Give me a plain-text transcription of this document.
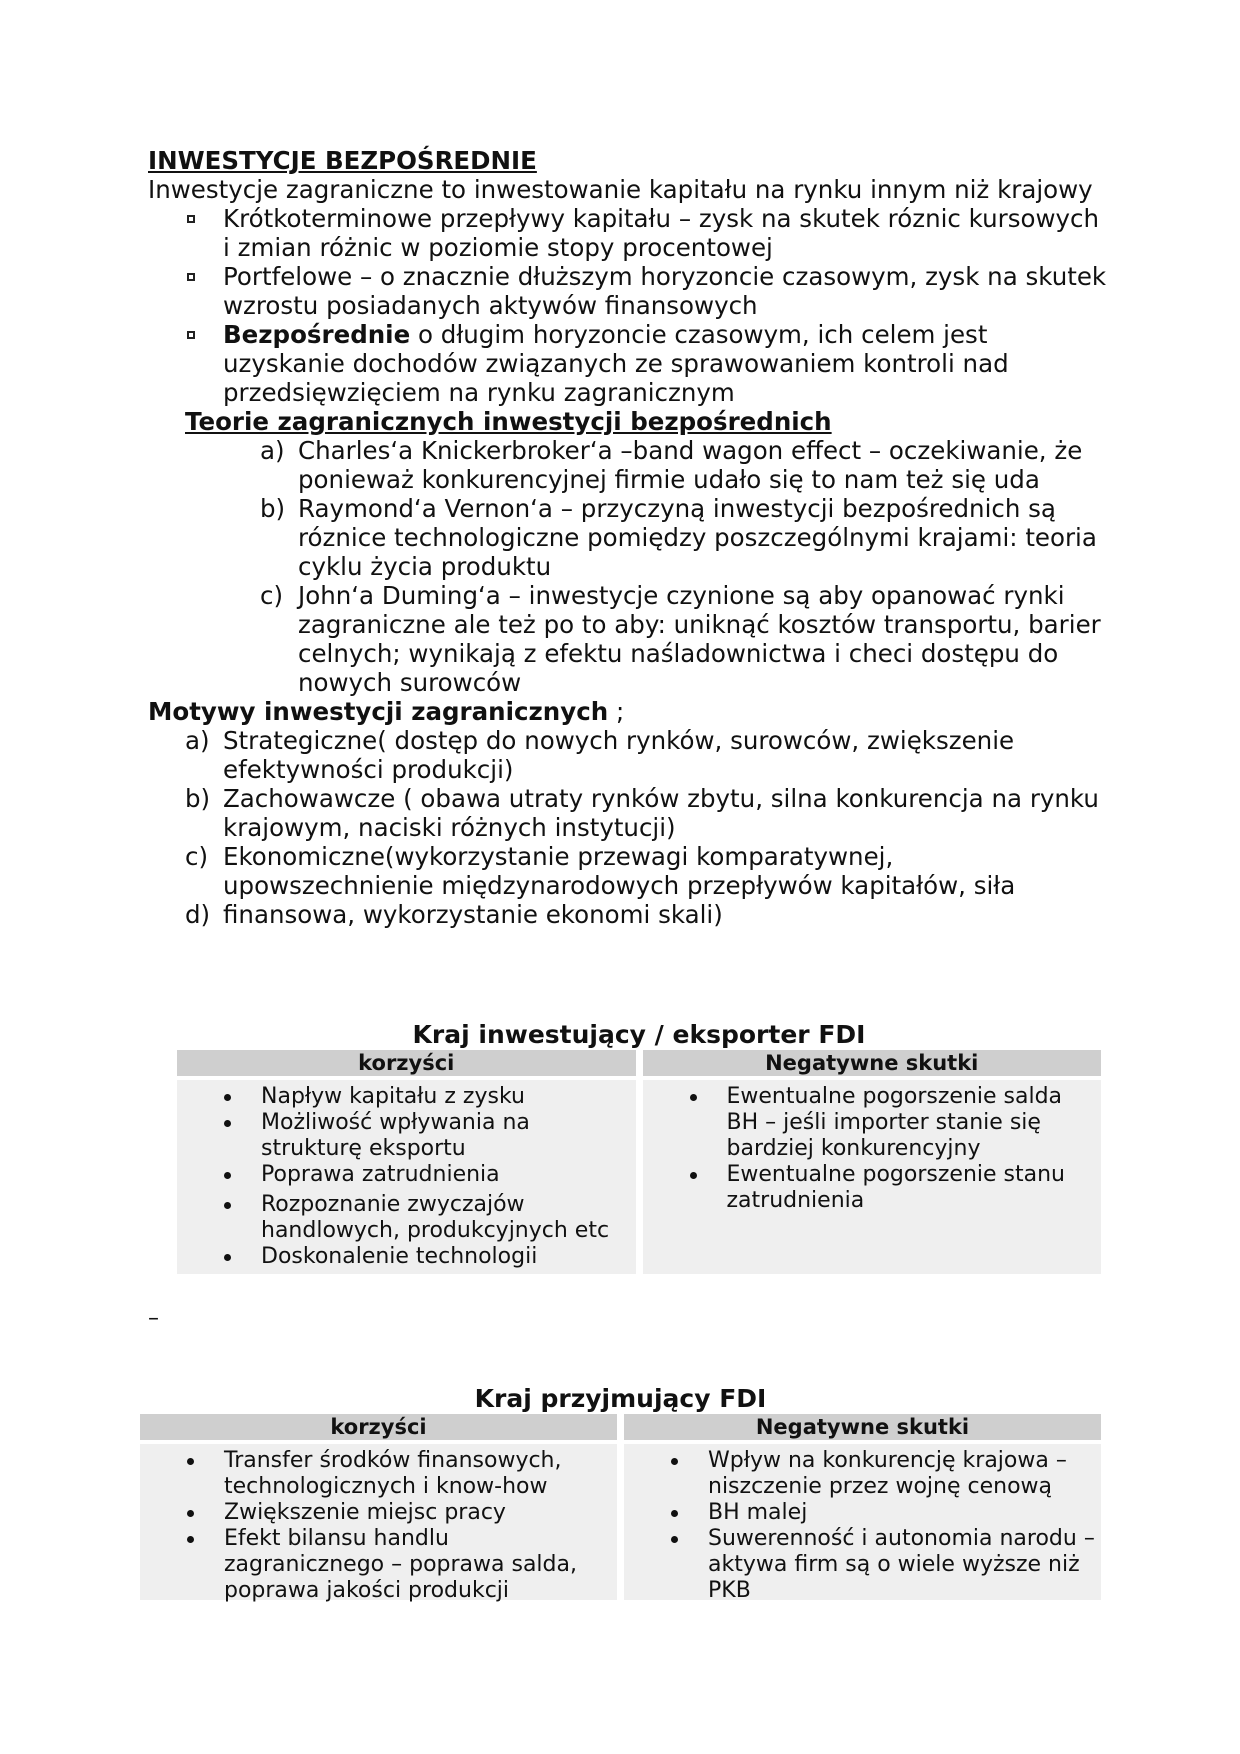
INWESTYCJE BEZPOŚREDNIE

Inwestycje zagraniczne to inwestowanie kapitału na rynku innym niż krajowy

Krótkoterminowe przepływy kapitału – zysk na skutek róznic kursowych i zmian różnic w poziomie stopy procentowej
Portfelowe – o znacznie dłuższym horyzoncie czasowym, zysk na skutek wzrostu posiadanych aktywów finansowych
Bezpośrednie o długim horyzoncie czasowym, ich celem jest uzyskanie dochodów związanych ze sprawowaniem kontroli nad przedsięwzięciem na rynku zagranicznym

Teorie zagranicznych inwestycji bezpośrednich

a) Charles‘a Knickerbroker‘a –band wagon effect – oczekiwanie, że ponieważ konkurencyjnej firmie udało się to nam też się uda
b) Raymond‘a Vernon‘a – przyczyną inwestycji bezpośrednich są róznice technologiczne pomiędzy poszczególnymi krajami: teoria cyklu życia produktu
c) John‘a Duming‘a – inwestycje czynione są aby opanować rynki zagraniczne ale też po to aby: uniknąć kosztów transportu, barier celnych; wynikają z efektu naśladownictwa i checi dostępu do nowych surowców

Motywy inwestycji zagranicznych ;

a) Strategiczne( dostęp do nowych rynków, surowców, zwiększenie efektywności produkcji)
b) Zachowawcze ( obawa utraty rynków zbytu, silna konkurencja na rynku krajowym, naciski różnych instytucji)
c) Ekonomiczne(wykorzystanie przewagi komparatywnej, upowszechnienie międzynarodowych przepływów kapitałów, siła
d) finansowa, wykorzystanie ekonomi skali)
Kraj inwestujący / eksporter FDI
korzyści
Napływ kapitału z zysku
Możliwość wpływania na strukturę eksportu
Poprawa zatrudnienia
Rozpoznanie zwyczajów handlowych, produkcyjnych etc
Doskonalenie technologii
Negatywne skutki
Ewentualne pogorszenie salda BH – jeśli importer stanie się bardziej konkurencyjny
Ewentualne pogorszenie stanu zatrudnienia
–
Kraj przyjmujący FDI
korzyści
Transfer środków finansowych, technologicznych i know-how
Zwiększenie miejsc pracy
Efekt bilansu handlu zagranicznego – poprawa salda, poprawa jakości produkcji
Negatywne skutki
Wpływ na konkurencję krajowa – niszczenie przez wojnę cenową
BH malej
Suwerenność i autonomia narodu – aktywa firm są o wiele wyższe niż PKB
